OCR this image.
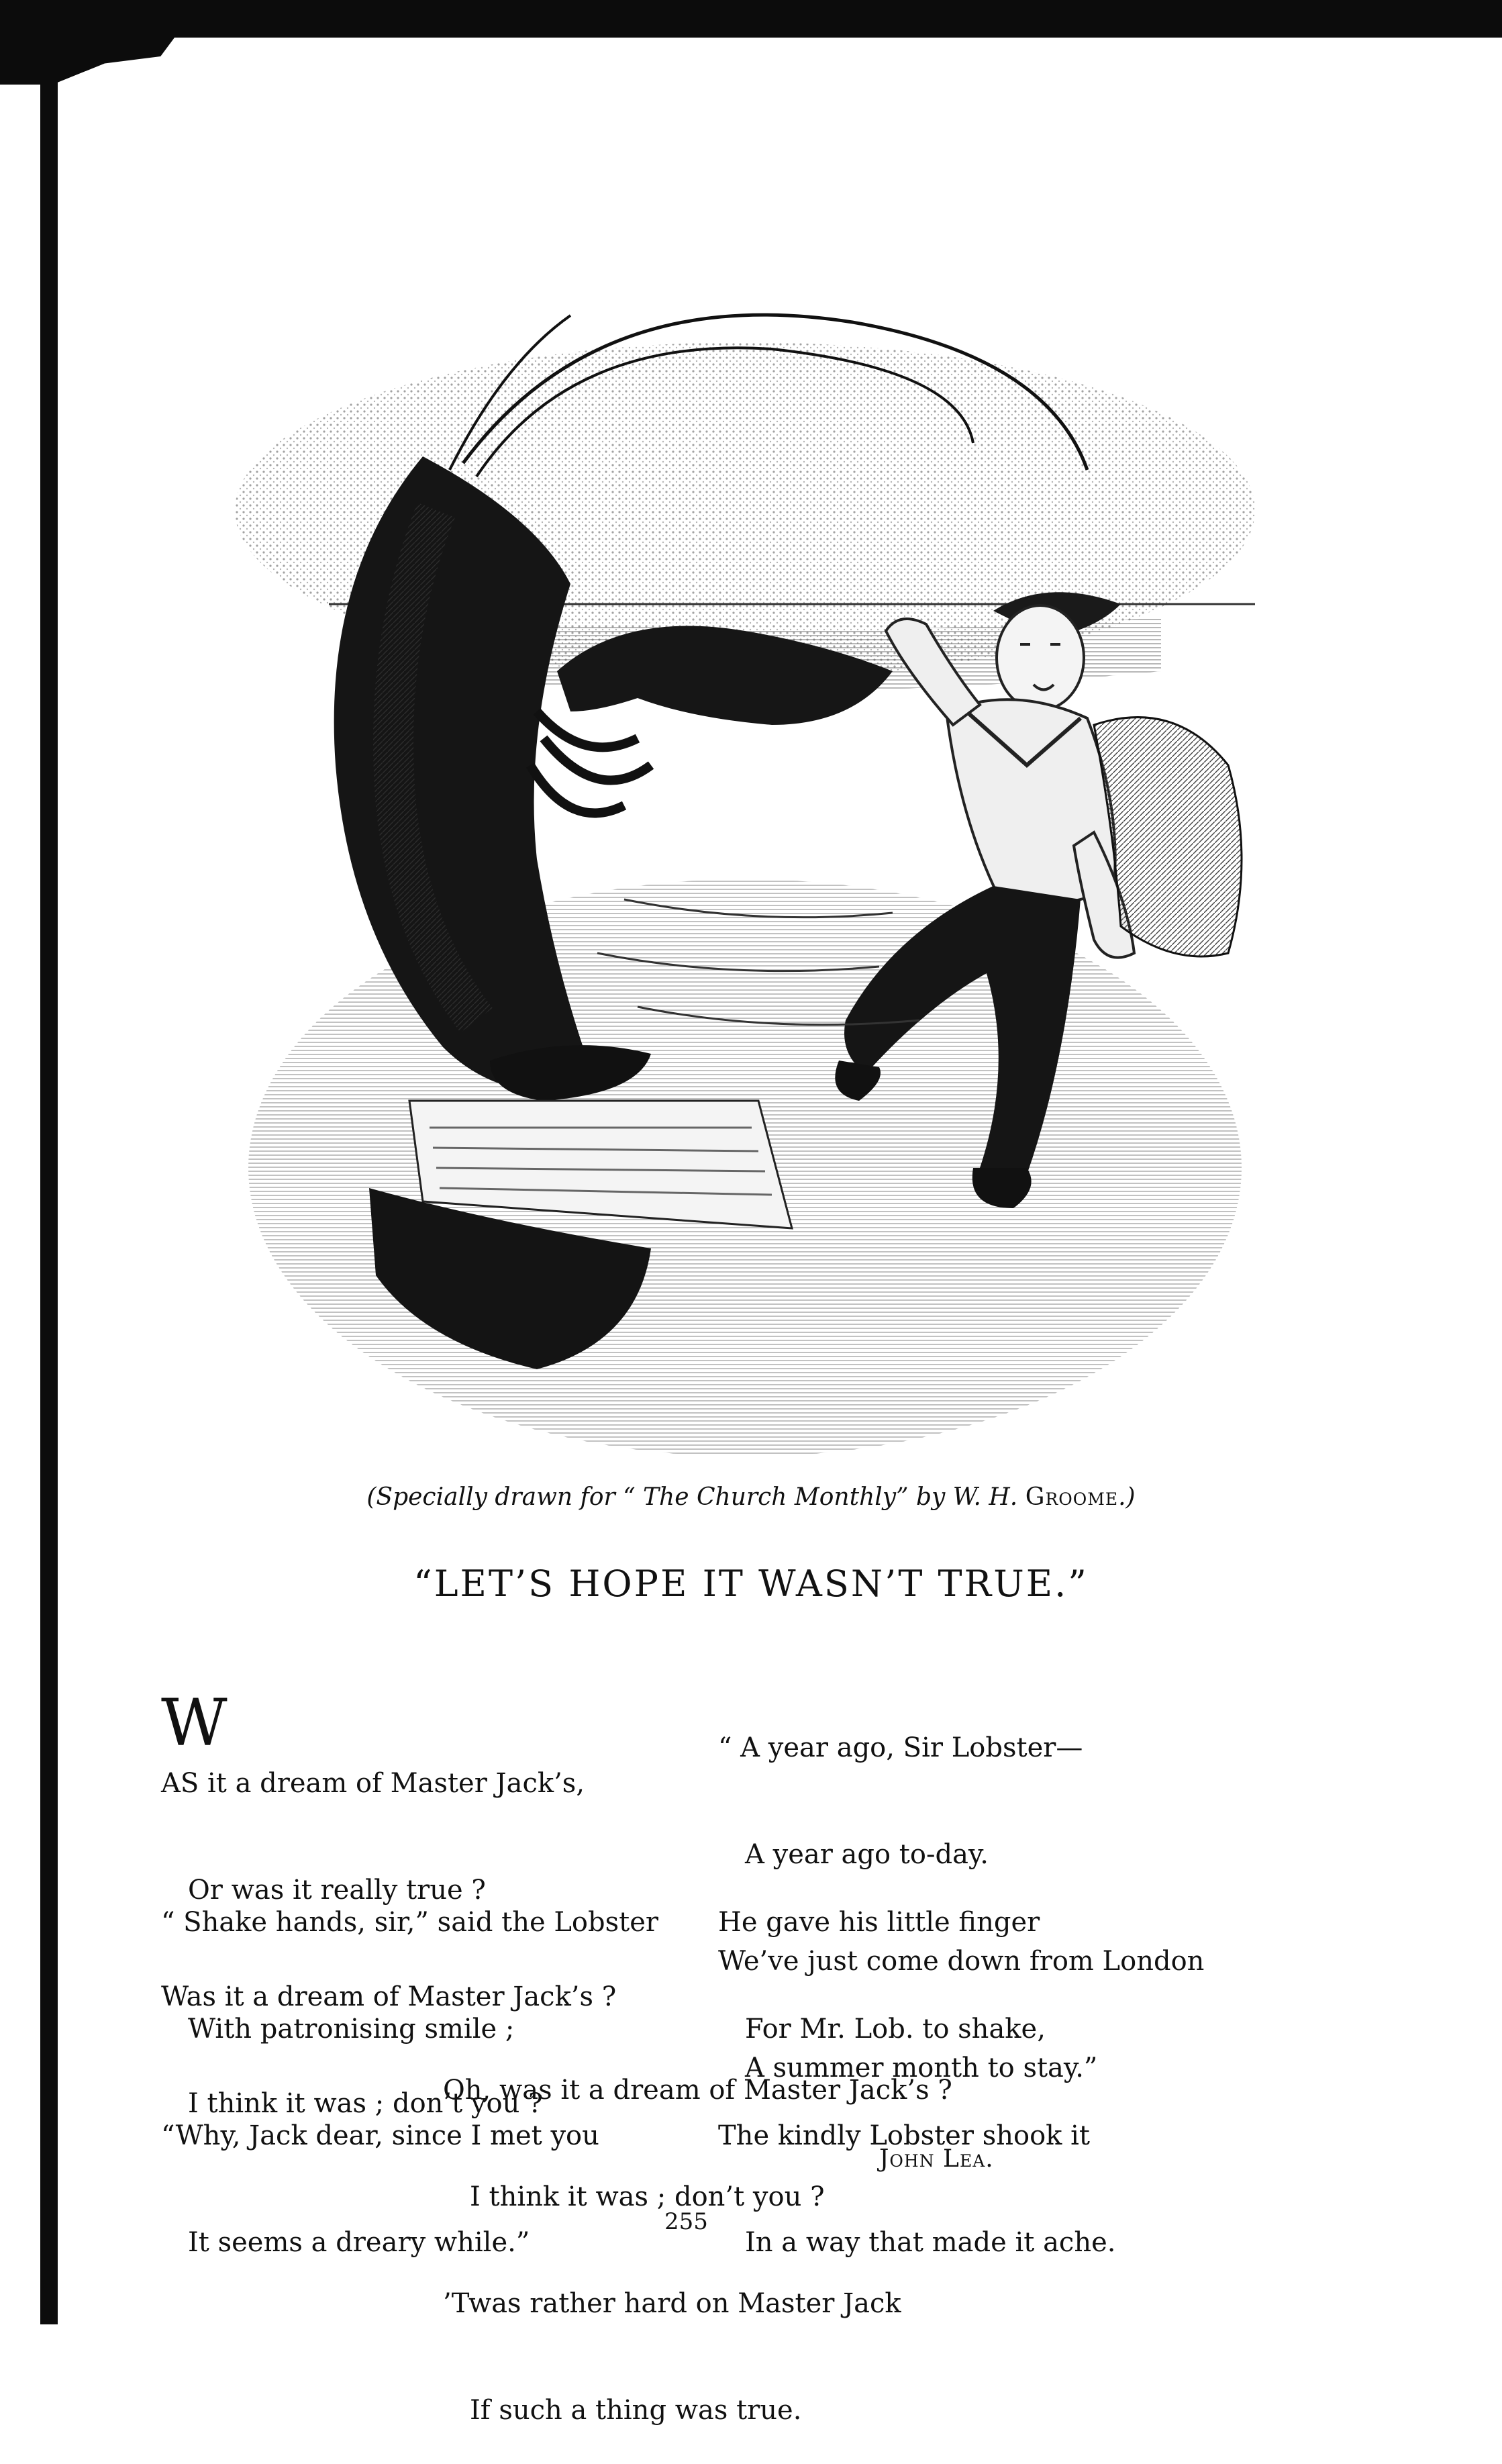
(Specially drawn for “ The Church Monthly” by W. H. Groome.)
“LET’S HOPE IT WASN’T TRUE.”

W

AS it a dream of Master Jack’s,

Or was it really true ?

Was it a dream of Master Jack’s ?

I think it was ; don’t you ?

“ Shake hands, sir,” said the Lobster

With patronising smile ;

“Why, Jack dear, since I met you

It seems a dreary while.”

“ A year ago, Sir Lobster—

A year ago to-day.

We’ve just come down from London

A summer month to stay.”

He gave his little finger

For Mr. Lob. to shake,

The kindly Lobster shook it

In a way that made it ache.

Oh, was it a dream of Master Jack’s ?

I think it was ; don’t you ?

’Twas rather hard on Master Jack

If such a thing was true.

John Lea.
255
